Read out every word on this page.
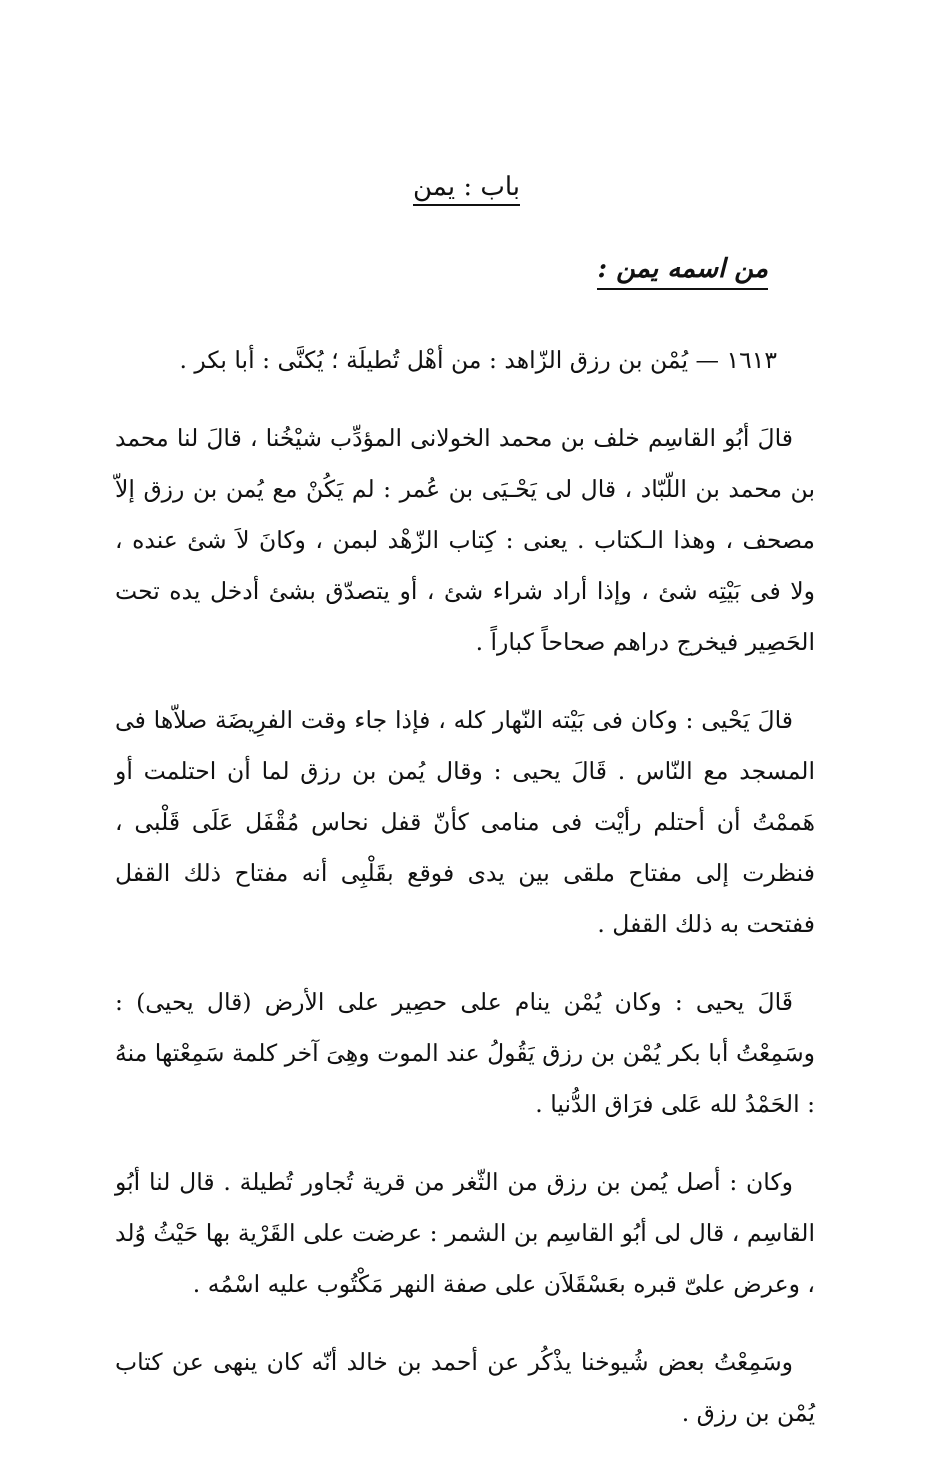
باب : يمن
من اسمه يمن :

١٦١٣ — يُمْن بن رزق الزّاهد : من أهْل تُطيلَة ؛ يُكنَّى : أبا بكر .

قالَ أبُو القاسِم خلف بن محمد الخولانى المؤدِّب شيْخُنا ، قالَ لنا محمد بن محمد بن اللّبّاد ، قال لى يَحْـيَى بن عُمر : لم يَكُنْ مع يُمن بن رزق إلاّ مصحف ، وهذا الـكتاب . يعنى : كِتاب الزّهْد لبمن ، وكانَ لاَ شئ عنده ، ولا فى بَيْتِه شئ ، وإذا أراد شراء شئ ، أو يتصدّق بشئ أدخل يده تحت الحَصِير فيخرج دراهم صحاحاً كباراً .

قالَ يَحْيى : وكان فى بَيْته النّهار كله ، فإذا جاء وقت الفرِيضَة صلاّها فى المسجد مع النّاس . قَالَ يحيى : وقال يُمن بن رزق لما أن احتلمت أو هَممْتُ أن أحتلم رأيْت فى منامى كأنّ قفل نحاس مُقْفَل عَلَى قَلْبى ، فنظرت إلى مفتاح ملقى بين يدى فوقع بقَلْبِى أنه مفتاح ذلك القفل ففتحت به ذلك القفل .

قَالَ يحيى : وكان يُمْن ينام على حصِير على الأرض (قال يحيى) : وسَمِعْتُ أبا بكر يُمْن بن رزق يَقُولُ عند الموت وهِىَ آخر كلمة سَمِعْتها منهُ : الحَمْدُ لله عَلى فرَاق الدُّنيا .

وكان : أصل يُمن بن رزق من الثّغر من قرية تُجاور تُطيلة . قال لنا أبُو القاسِم ، قال لى أبُو القاسِم بن الشمر : عرضت على القَرْية بها حَيْثُ وُلد ، وعرض علىّ قبره بعَسْقَلاَن على صفة النهر مَكْتُوب عليه اسْمُه .

وسَمِعْتُ بعض شُيوخنا يذْكُر عن أحمد بن خالد أنّه كان ينهى عن كتاب يُمْن بن رزق .
